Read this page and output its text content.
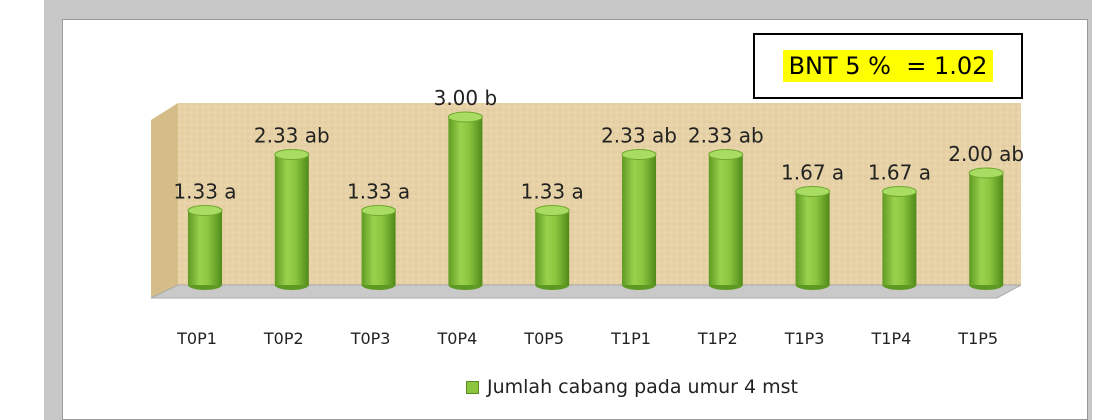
1.33 a
2.33 ab
1.33 a
3.00 b
1.33 a
2.33 ab 2.33 ab
1.67 a 1.67 a
2.00 ab
T0P1	T0P2	T0P3	T0P4	T0P5	T1P1	T1P2	T1P3	T1P4	T1P5
BNT 5 %  = 1.02
Jumlah cabang pada umur 4 mst
